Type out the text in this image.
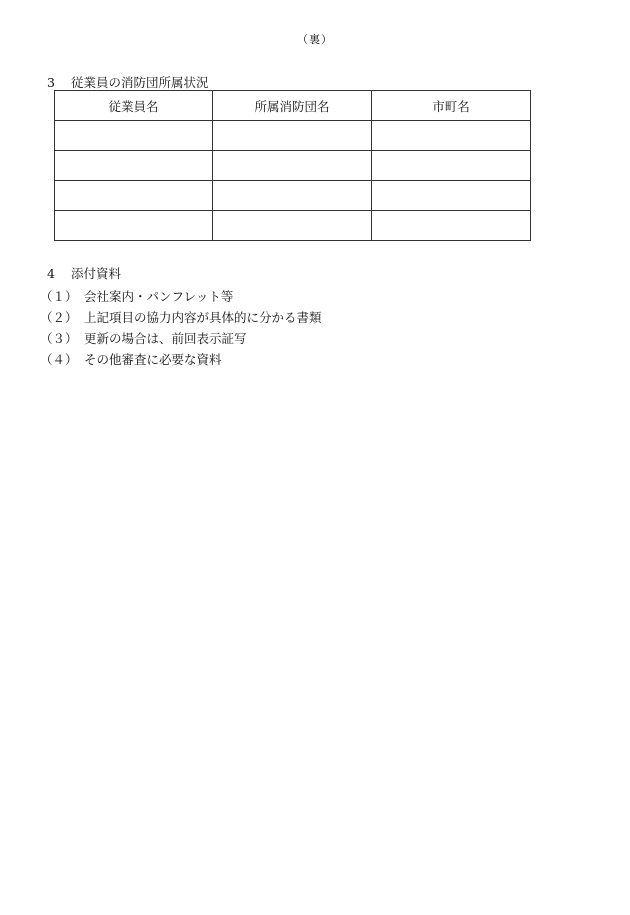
（裏）
3 従業員の消防団所属状況
従業員名	所属消防団名	市町名

4 添付資料
（１） 会社案内・パンフレット等
（２） 上記項目の協力内容が具体的に分かる書類
（３） 更新の場合は、前回表示証写
（４） その他審査に必要な資料
